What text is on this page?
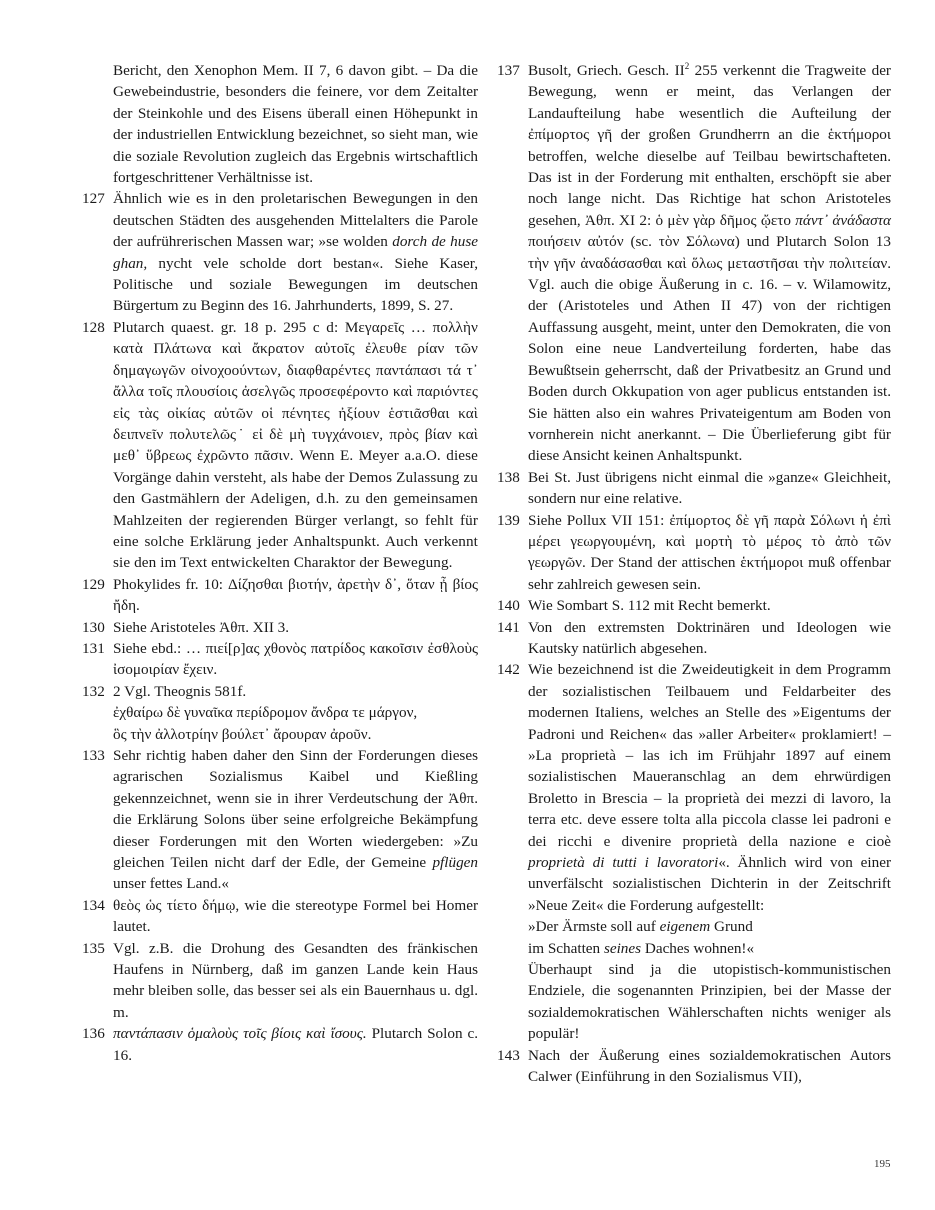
Bericht, den Xenophon Mem. II 7, 6 davon gibt. – Da die Gewebeindustrie, besonders die feinere, vor dem Zeitalter der Steinkohle und des Eisens überall einen Höhepunkt in der industriellen Entwicklung bezeichnet, so sieht man, wie die soziale Revolution zugleich das Ergebnis wirtschaftlich fortgeschrittener Verhältnisse ist.

127 Ähnlich wie es in den proletarischen Bewegungen in den deutschen Städten des ausgehenden Mittelalters die Parole der aufrührerischen Massen war; »se wolden dorch de huse ghan, nycht vele scholde dort bestan«. Siehe Kaser, Politische und soziale Bewegungen im deutschen Bürgertum zu Beginn des 16. Jahrhunderts, 1899, S. 27.

128 Plutarch quaest. gr. 18 p. 295 c d: Μεγαρεῖς … πολλὴν κατὰ Πλάτωνα καὶ ἄκρατον αὐτοῖς ἐλευθε ρίαν τῶν δημαγωγῶν οἰνοχοούντων, διαφθαρέντες παντάπασι τά τ᾽ ἄλλα τοῖς πλουσίοις ἀσελγῶς προσεφέροντο καὶ παριόντες εἰς τὰς οἰκίας αὐτῶν οἱ πένητες ἠξίουν ἑστιᾶσθαι καὶ δειπνεῖν πολυτελῶς˙ εἰ δὲ μὴ τυγχάνοιεν, πρὸς βίαν καὶ μεθ᾽ ὕβρεως ἐχρῶντο πᾶσιν. Wenn E. Meyer a.a.O. diese Vorgänge dahin versteht, als habe der Demos Zulassung zu den Gastmählern der Adeligen, d.h. zu den gemeinsamen Mahlzeiten der regierenden Bürger verlangt, so fehlt für eine solche Erklärung jeder Anhaltspunkt. Auch verkennt sie den im Text entwickelten Charaktor der Bewegung.

129 Phokylides fr. 10: Δίζησθαι βιοτήν, ἀρετὴν δ᾽, ὅταν ᾖ βίος ἤδη.

130 Siehe Aristoteles Ἀθπ. XII 3.

131 Siehe ebd.: … πιεί[ρ]ας χθονὸς πατρίδος κακοῖσιν ἐσθλοὺς ἰσομοιρίαν ἔχειν.

132 2 Vgl. Theognis 581f.
ἐχθαίρω δὲ γυναῖκα περίδρομον ἄνδρα τε μάργον,
ὃς τὴν ἀλλοτρίην βούλετ᾽ ἄρουραν ἀροῦν.

133 Sehr richtig haben daher den Sinn der Forderungen dieses agrarischen Sozialismus Kaibel und Kießling gekennzeichnet, wenn sie in ihrer Verdeutschung der Ἀθπ. die Erklärung Solons über seine erfolgreiche Bekämpfung dieser Forderungen mit den Worten wiedergeben: »Zu gleichen Teilen nicht darf der Edle, der Gemeine pflügen unser fettes Land.«

134 θεὸς ὡς τίετο δήμῳ, wie die stereotype Formel bei Homer lautet.

135 Vgl. z.B. die Drohung des Gesandten des fränkischen Haufens in Nürnberg, daß im ganzen Lande kein Haus mehr bleiben solle, das besser sei als ein Bauernhaus u. dgl. m.

136 παντάπασιν ὁμαλοὺς τοῖς βίοις καὶ ἴσους. Plutarch Solon c. 16.

137 Busolt, Griech. Gesch. $II^2$ 255 verkennt die Tragweite der Bewegung, wenn er meint, das Verlangen der Landaufteilung habe wesentlich die Aufteilung der ἐπίμορτος γῆ der großen Grundherrn an die ἑκτήμοροι betroffen, welche dieselbe auf Teilbau bewirtschafteten. Das ist in der Forderung mit enthalten, erschöpft sie aber noch lange nicht. Das Richtige hat schon Aristoteles gesehen, Ἀθπ. XI 2: ὁ μὲν γὰρ δῆμος ᾤετο πάντ᾽ ἀνάδαστα ποιήσειν αὐτόν (sc. τὸν Σόλωνα) und Plutarch Solon 13 τὴν γῆν ἀναδάσασθαι καὶ ὅλως μεταστῆσαι τὴν πολιτείαν. Vgl. auch die obige Äußerung in c. 16. – v. Wilamowitz, der (Aristoteles und Athen II 47) von der richtigen Auffassung ausgeht, meint, unter den Demokraten, die von Solon eine neue Landverteilung forderten, habe das Bewußtsein geherrscht, daß der Privatbesitz an Grund und Boden durch Okkupation von ager publicus entstanden ist. Sie hätten also ein wahres Privateigentum am Boden von vornherein nicht anerkannt. – Die Überlieferung gibt für diese Ansicht keinen Anhaltspunkt.

138 Bei St. Just übrigens nicht einmal die »ganze« Gleichheit, sondern nur eine relative.

139 Siehe Pollux VII 151: ἐπίμορτος δὲ γῆ παρὰ Σόλωνι ἡ ἐπὶ μέρει γεωργουμένη, καὶ μορτὴ τὸ μέρος τὸ ἀπὸ τῶν γεωργῶν. Der Stand der attischen ἑκτήμοροι muß offenbar sehr zahlreich gewesen sein.

140 Wie Sombart S. 112 mit Recht bemerkt.

141 Von den extremsten Doktrinären und Ideologen wie Kautsky natürlich abgesehen.

142 Wie bezeichnend ist die Zweideutigkeit in dem Programm der sozialistischen Teilbauem und Feldarbeiter des modernen Italiens, welches an Stelle des »Eigentums der Padroni und Reichen« das »aller Arbeiter« proklamiert! – »La proprietà – las ich im Frühjahr 1897 auf einem sozialistischen Maueranschlag an dem ehrwürdigen Broletto in Brescia – la proprietà dei mezzi di lavoro, la terra etc. deve essere tolta alla piccola classe lei padroni e dei ricchi e divenire proprietà della nazione e cioè proprietà di tutti i lavoratori«. Ähnlich wird von einer unverfälscht sozialistischen Dichterin in der Zeitschrift »Neue Zeit« die Forderung aufgestellt:
»Der Ärmste soll auf eigenem Grund
im Schatten seines Daches wohnen!«
Überhaupt sind ja die utopistisch-kommunistischen Endziele, die sogenannten Prinzipien, bei der Masse der sozialdemokratischen Wählerschaften nichts weniger als populär!

143 Nach der Äußerung eines sozialdemokratischen Autors Calwer (Einführung in den Sozialismus VII),

195
